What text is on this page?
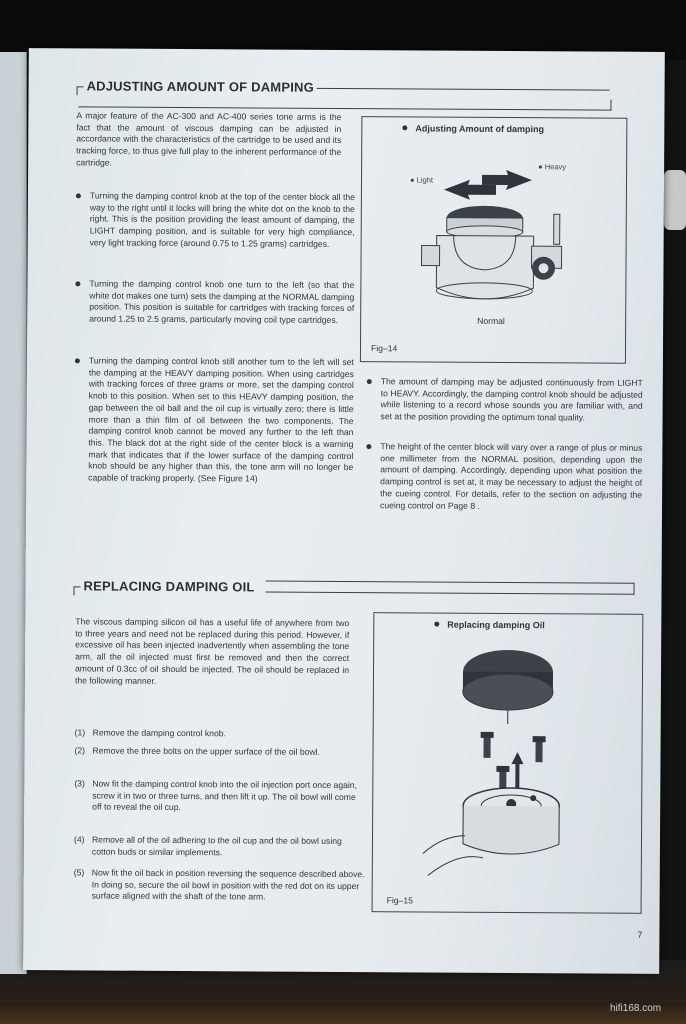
ADJUSTING AMOUNT OF DAMPING
A major feature of the AC-300 and AC-400 series tone arms is the fact that the amount of viscous damping can be adjusted in accordance with the characteristics of the cartridge to be used and its tracking force, to thus give full play to the inherent performance of the cartridge.
Turning the damping control knob at the top of the center block all the way to the right until it locks will bring the white dot on the knob to the right. This is the position providing the least amount of damping, the LIGHT damping position, and is suitable for very high compliance, very light tracking force (around 0.75 to 1.25 grams) cartridges.
Turning the damping control knob one turn to the left (so that the white dot makes one turn) sets the damping at the NORMAL damping position. This position is suitable for cartridges with tracking forces of around 1.25 to 2.5 grams, particularly moving coil type cartridges.
Turning the damping control knob still another turn to the left will set the damping at the HEAVY damping position. When using cartridges with tracking forces of three grams or more, set the damping control knob to this position. When set to this HEAVY damping position, the gap between the oil ball and the oil cup is virtually zero; there is little more than a thin film of oil between the two components. The damping control knob cannot be moved any further to the left than this. The black dot at the right side of the center block is a warning mark that indicates that if the lower surface of the damping control knob should be any higher than this, the tone arm will no longer be capable of tracking properly. (See Figure 14)
Adjusting Amount of damping
● Light
● Heavy
Normal
Fig–14
The amount of damping may be adjusted continuously from LIGHT to HEAVY. Accordingly, the damping control knob should be adjusted while listening to a record whose sounds you are familiar with, and set at the position providing the optimum tonal quality.
The height of the center block will vary over a range of plus or minus one millimeter from the NORMAL position, depending upon the amount of damping. Accordingly, depending upon what position the damping control is set at, it may be necessary to adjust the height of the cueing control. For details, refer to the section on adjusting the cueing control on Page 8 .
REPLACING DAMPING OIL
The viscous damping silicon oil has a useful life of anywhere from two to three years and need not be replaced during this period. However, if excessive oil has been injected inadvertently when assembling the tone arm, all the oil injected must first be removed and then the correct amount of 0.3cc of oil should be injected. The oil should be replaced in the following manner.
(1) Remove the damping control knob.
(2) Remove the three bolts on the upper surface of the oil bowl.
(3) Now fit the damping control knob into the oil injection port once again, screw it in two or three turns, and then lift it up. The oil bowl will come off to reveal the oil cup.
(4) Remove all of the oil adhering to the oil cup and the oil bowl using cotton buds or similar implements.
(5) Now fit the oil back in position reversing the sequence described above. In doing so, secure the oil bowl in position with the red dot on its upper surface aligned with the shaft of the tone arm.
Replacing damping Oil
Fig–15
7
hifi168.com
